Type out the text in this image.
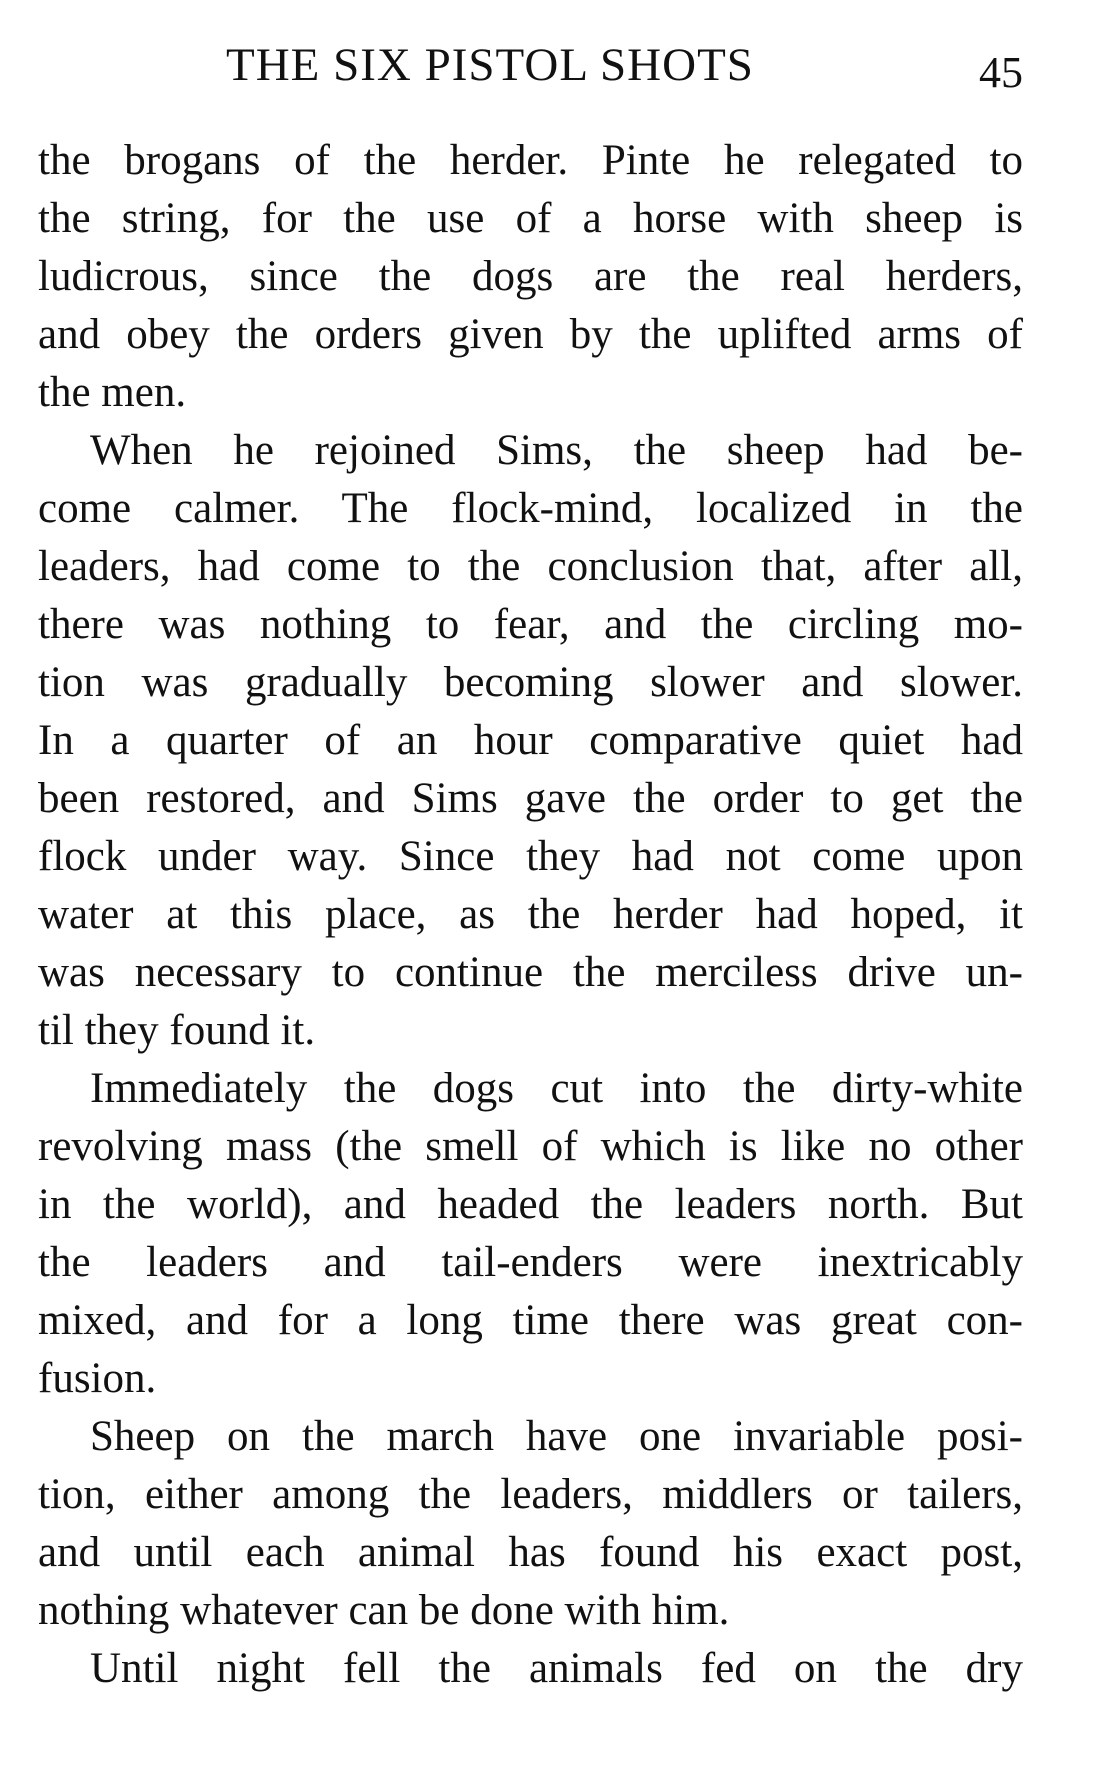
THE SIX PISTOL SHOTS	45
the brogans of the herder. Pinte he relegated to
the string, for the use of a horse with sheep is
ludicrous, since the dogs are the real herders,
and obey the orders given by the uplifted arms of
the men.
When he rejoined Sims, the sheep had be-
come calmer. The flock-mind, localized in the
leaders, had come to the conclusion that, after all,
there was nothing to fear, and the circling mo-
tion was gradually becoming slower and slower.
In a quarter of an hour comparative quiet had
been restored, and Sims gave the order to get the
flock under way. Since they had not come upon
water at this place, as the herder had hoped, it
was necessary to continue the merciless drive un-
til they found it.
Immediately the dogs cut into the dirty-white
revolving mass (the smell of which is like no other
in the world), and headed the leaders north. But
the leaders and tail-enders were inextricably
mixed, and for a long time there was great con-
fusion.
Sheep on the march have one invariable posi-
tion, either among the leaders, middlers or tailers,
and until each animal has found his exact post,
nothing whatever can be done with him.
Until night fell the animals fed on the dry
